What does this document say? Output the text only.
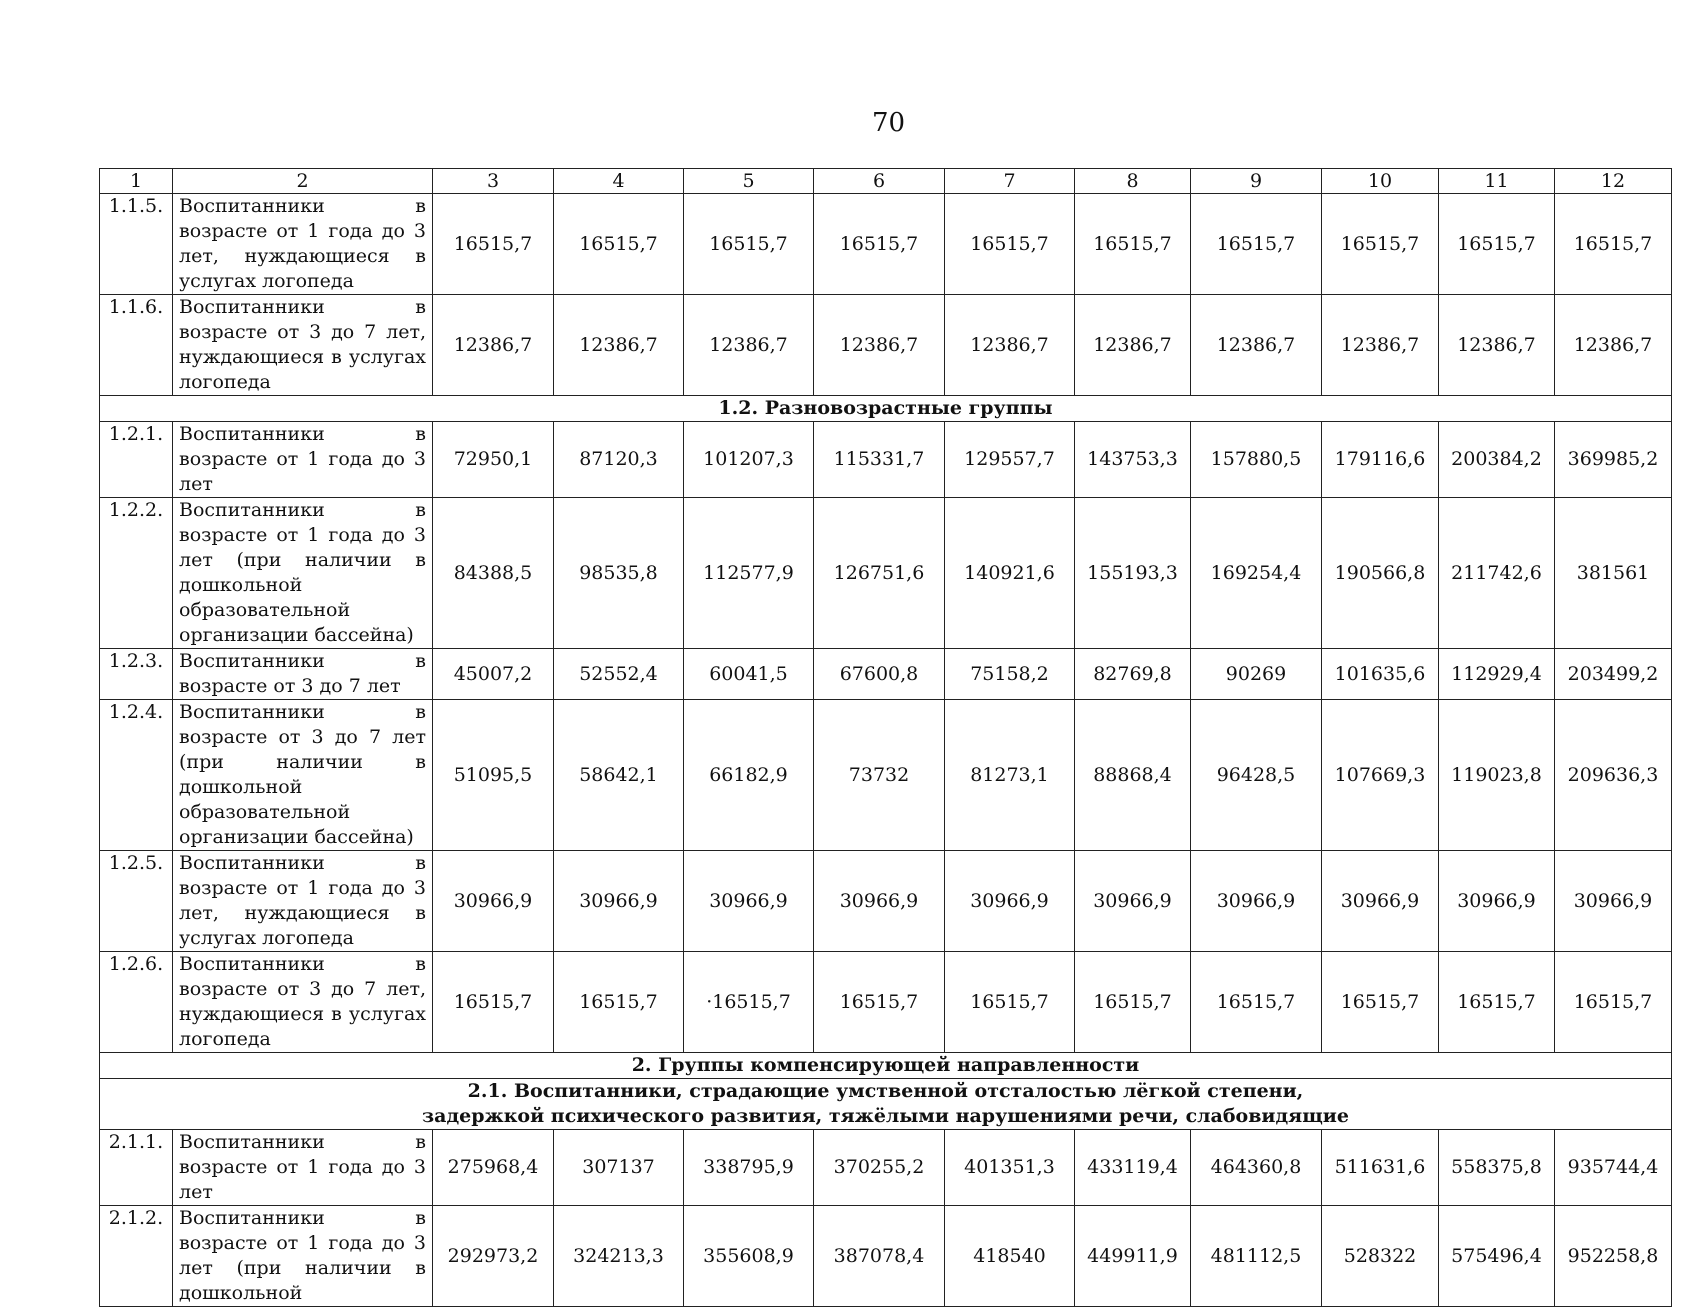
70
1	2	3	4	5	6	7	8	9	10	11	12
1.1.5.	Воспитанники в возрасте от 1 года до 3 лет, нуждающиеся в услугах логопеда	16515,7	16515,7	16515,7	16515,7	16515,7	16515,7	16515,7	16515,7	16515,7	16515,7
1.1.6.	Воспитанники в возрасте от 3 до 7 лет, нуждающиеся в услугах логопеда	12386,7	12386,7	12386,7	12386,7	12386,7	12386,7	12386,7	12386,7	12386,7	12386,7
1.2. Разновозрастные группы											
1.2.1.	Воспитанники в возрасте от 1 года до 3 лет	72950,1	87120,3	101207,3	115331,7	129557,7	143753,3	157880,5	179116,6	200384,2	369985,2
1.2.2.	Воспитанники в возрасте от 1 года до 3 лет (при наличии в дошкольной образовательной организации бассейна)	84388,5	98535,8	112577,9	126751,6	140921,6	155193,3	169254,4	190566,8	211742,6	381561
1.2.3.	Воспитанники в возрасте от 3 до 7 лет	45007,2	52552,4	60041,5	67600,8	75158,2	82769,8	90269	101635,6	112929,4	203499,2
1.2.4.	Воспитанники в возрасте от 3 до 7 лет (при наличии в дошкольной образовательной организации бассейна)	51095,5	58642,1	66182,9	73732	81273,1	88868,4	96428,5	107669,3	119023,8	209636,3
1.2.5.	Воспитанники в возрасте от 1 года до 3 лет, нуждающиеся в услугах логопеда	30966,9	30966,9	30966,9	30966,9	30966,9	30966,9	30966,9	30966,9	30966,9	30966,9
1.2.6.	Воспитанники в возрасте от 3 до 7 лет, нуждающиеся в услугах логопеда	16515,7	16515,7	·16515,7	16515,7	16515,7	16515,7	16515,7	16515,7	16515,7	16515,7
2. Группы компенсирующей направленности											

2.1. Воспитанники, страдающие умственной отсталостью лёгкой степени,
задержкой психического развития, тяжёлыми нарушениями речи, слабовидящие											

2.1.1.	Воспитанники в возрасте от 1 года до 3 лет	275968,4	307137	338795,9	370255,2	401351,3	433119,4	464360,8	511631,6	558375,8	935744,4
2.1.2.	Воспитанники в возрасте от 1 года до 3 лет (при наличии в дошкольной	292973,2	324213,3	355608,9	387078,4	418540	449911,9	481112,5	528322	575496,4	952258,8
